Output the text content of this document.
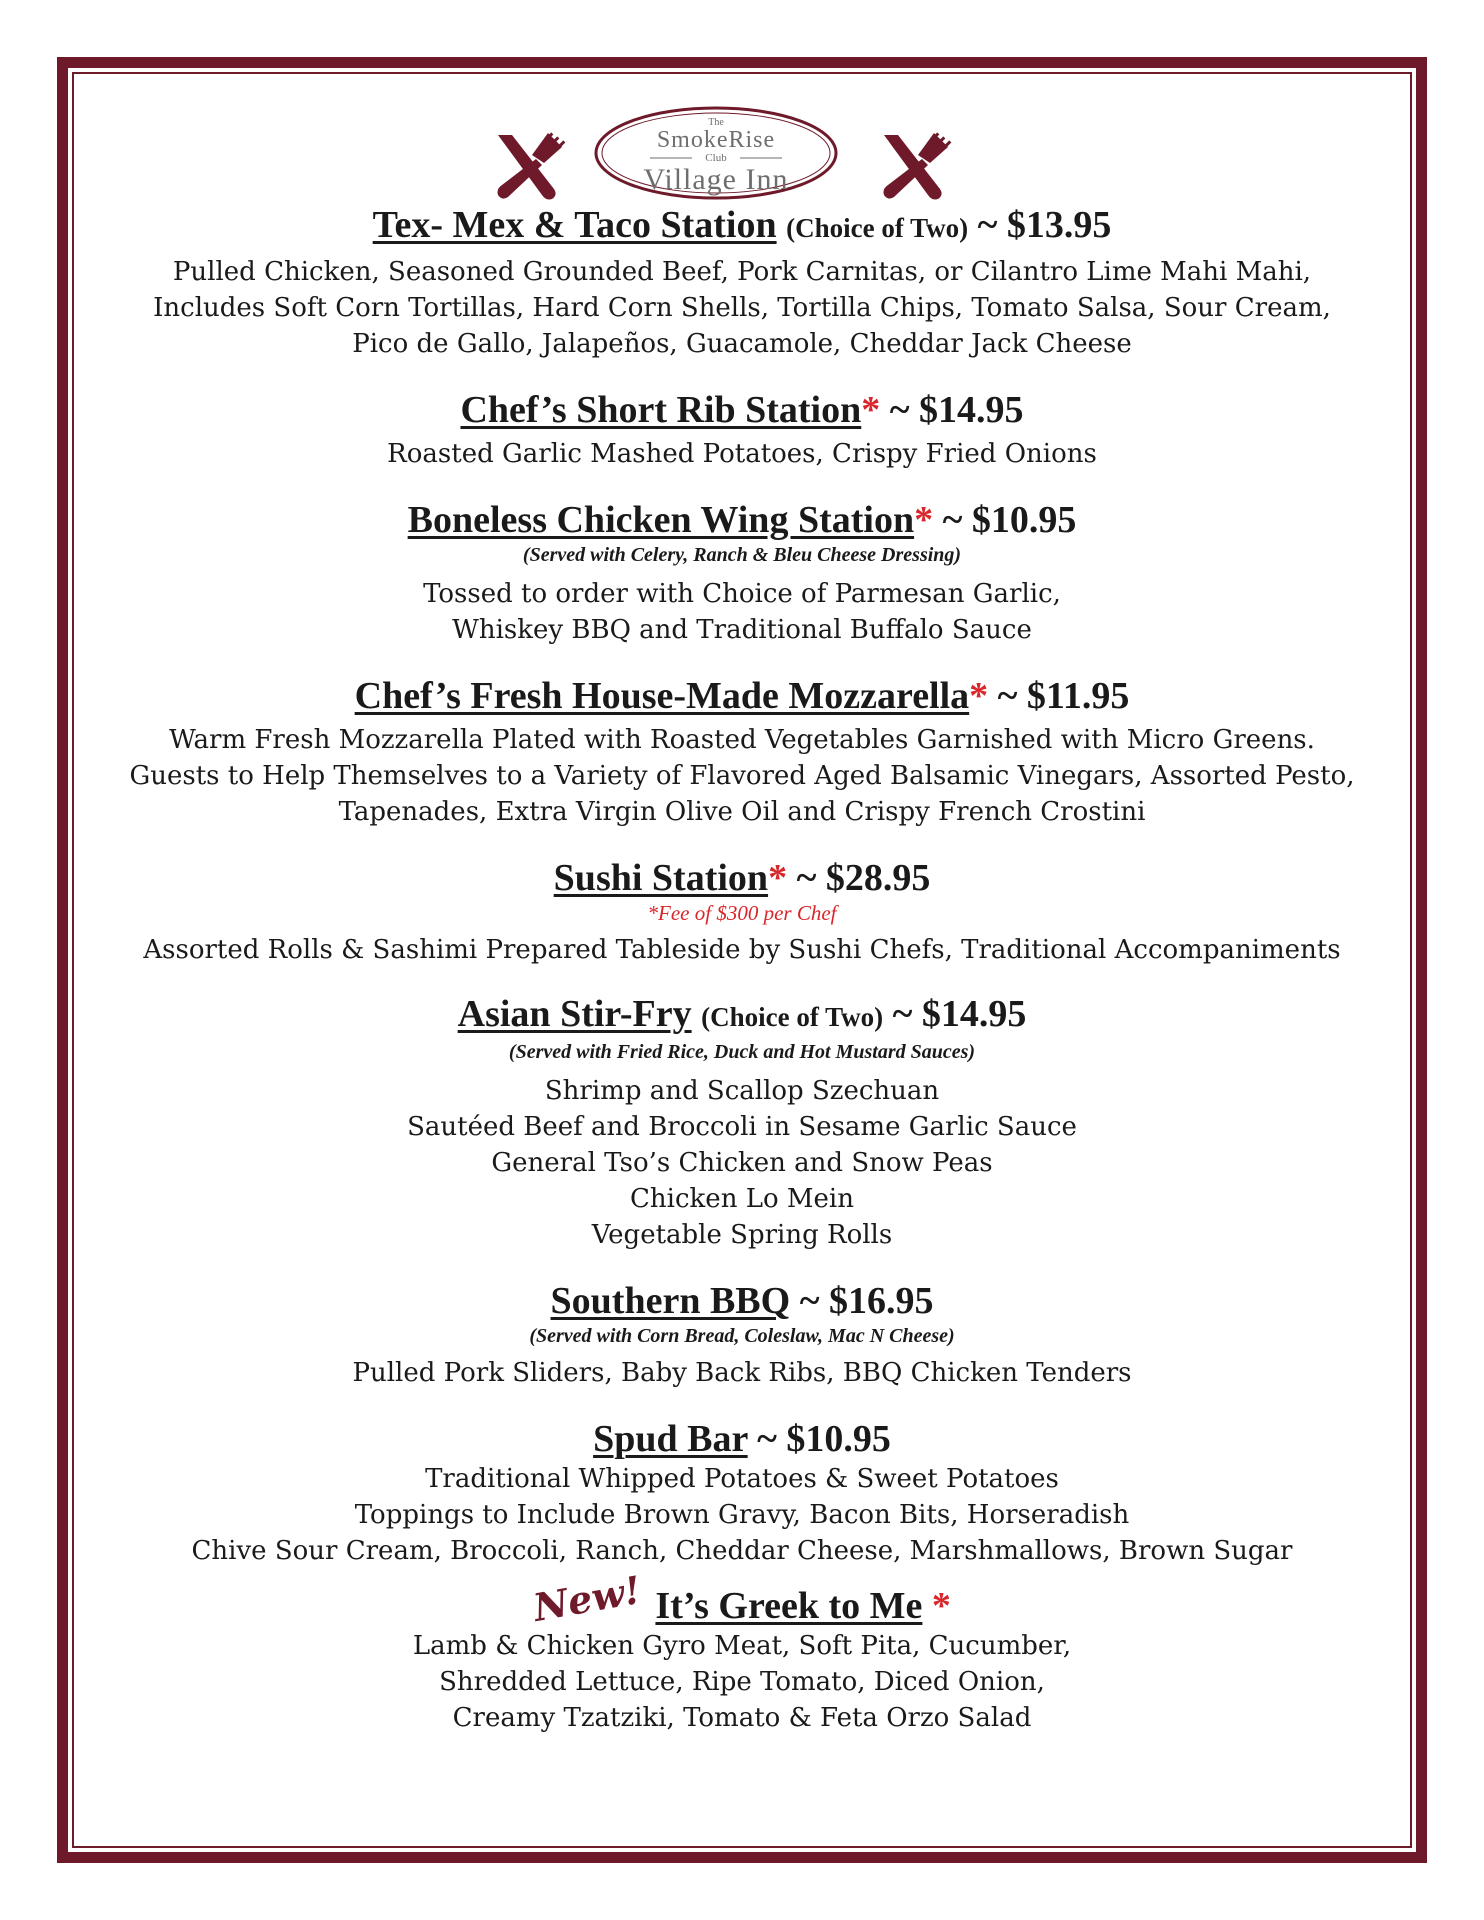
The
SmokeRise
Club
Village Inn
Tex- Mex & Taco Station (Choice of Two) ~ $13.95
Pulled Chicken, Seasoned Grounded Beef, Pork Carnitas, or Cilantro Lime Mahi Mahi,
Includes Soft Corn Tortillas, Hard Corn Shells, Tortilla Chips, Tomato Salsa, Sour Cream,
Pico de Gallo, Jalapeños, Guacamole, Cheddar Jack Cheese
Chef’s Short Rib Station* ~ $14.95
Roasted Garlic Mashed Potatoes, Crispy Fried Onions
Boneless Chicken Wing Station* ~ $10.95
(Served with Celery, Ranch & Bleu Cheese Dressing)
Tossed to order with Choice of Parmesan Garlic,
Whiskey BBQ and Traditional Buffalo Sauce
Chef’s Fresh House-Made Mozzarella* ~ $11.95
Warm Fresh Mozzarella Plated with Roasted Vegetables Garnished with Micro Greens.
Guests to Help Themselves to a Variety of Flavored Aged Balsamic Vinegars, Assorted Pesto,
Tapenades, Extra Virgin Olive Oil and Crispy French Crostini
Sushi Station* ~ $28.95
*Fee of $300 per Chef
Assorted Rolls & Sashimi Prepared Tableside by Sushi Chefs, Traditional Accompaniments
Asian Stir-Fry (Choice of Two) ~ $14.95
(Served with Fried Rice, Duck and Hot Mustard Sauces)
Shrimp and Scallop Szechuan
Sautéed Beef and Broccoli in Sesame Garlic Sauce
General Tso’s Chicken and Snow Peas
Chicken Lo Mein
Vegetable Spring Rolls
Southern BBQ ~ $16.95
(Served with Corn Bread, Coleslaw, Mac N Cheese)
Pulled Pork Sliders, Baby Back Ribs, BBQ Chicken Tenders
Spud Bar ~ $10.95
Traditional Whipped Potatoes & Sweet Potatoes
Toppings to Include Brown Gravy, Bacon Bits, Horseradish
Chive Sour Cream, Broccoli, Ranch, Cheddar Cheese, Marshmallows, Brown Sugar
New! It’s Greek to Me *
Lamb & Chicken Gyro Meat, Soft Pita, Cucumber,
Shredded Lettuce, Ripe Tomato, Diced Onion,
Creamy Tzatziki, Tomato & Feta Orzo Salad
